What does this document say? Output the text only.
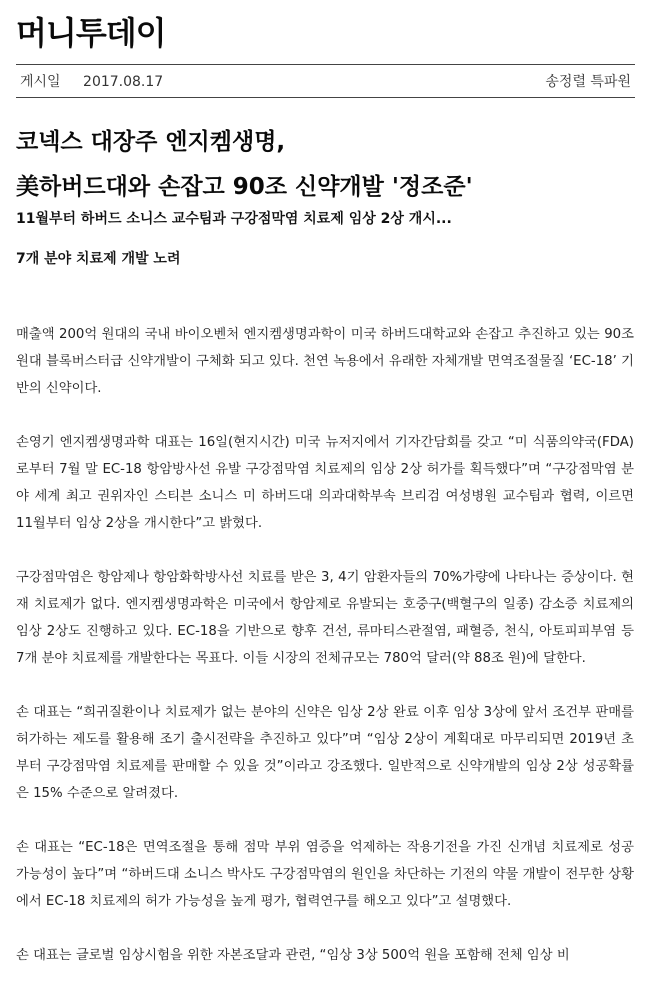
머니투데이
게시일 2017.08.17	송정렬 특파원
코넥스 대장주 엔지켐생명,
美하버드대와 손잡고 90조 신약개발 '정조준'
11월부터 하버드 소니스 교수팀과 구강점막염 치료제 임상 2상 개시...
7개 분야 치료제 개발 노려

매출액 200억 원대의 국내 바이오벤처 엔지켐생명과학이 미국 하버드대학교와 손잡고 추진하고 있는 90조 원대 블록버스터급 신약개발이 구체화 되고 있다. 천연 녹용에서 유래한 자체개발 면역조절물질 ‘EC-18’ 기반의 신약이다.

손영기 엔지켐생명과학 대표는 16일(현지시간) 미국 뉴저지에서 기자간담회를 갖고 “미 식품의약국(FDA)로부터 7월 말 EC-18 항암방사선 유발 구강점막염 치료제의 임상 2상 허가를 획득했다”며 “구강점막염 분야 세계 최고 권위자인 스티븐 소니스 미 하버드대 의과대학부속 브리검 여성병원 교수팀과 협력, 이르면 11월부터 임상 2상을 개시한다”고 밝혔다.

구강점막염은 항암제나 항암화학방사선 치료를 받은 3, 4기 암환자들의 70%가량에 나타나는 증상이다. 현재 치료제가 없다. 엔지켐생명과학은 미국에서 항암제로 유발되는 호중구(백혈구의 일종) 감소증 치료제의 임상 2상도 진행하고 있다. EC-18을 기반으로 향후 건선, 류마티스관절염, 패혈증, 천식, 아토피피부염 등 7개 분야 치료제를 개발한다는 목표다. 이들 시장의 전체규모는 780억 달러(약 88조 원)에 달한다.

손 대표는 “희귀질환이나 치료제가 없는 분야의 신약은 임상 2상 완료 이후 임상 3상에 앞서 조건부 판매를 허가하는 제도를 활용해 조기 출시전략을 추진하고 있다”며 “임상 2상이 계획대로 마무리되면 2019년 초부터 구강점막염 치료제를 판매할 수 있을 것”이라고 강조했다. 일반적으로 신약개발의 임상 2상 성공확률은 15% 수준으로 알려졌다.

손 대표는 “EC-18은 면역조절을 통해 점막 부위 염증을 억제하는 작용기전을 가진 신개념 치료제로 성공 가능성이 높다”며 “하버드대 소니스 박사도 구강점막염의 원인을 차단하는 기전의 약물 개발이 전무한 상황에서 EC-18 치료제의 허가 가능성을 높게 평가, 협력연구를 해오고 있다”고 설명했다.

손 대표는 글로벌 임상시험을 위한 자본조달과 관련, “임상 3상 500억 원을 포함해 전체 임상 비
